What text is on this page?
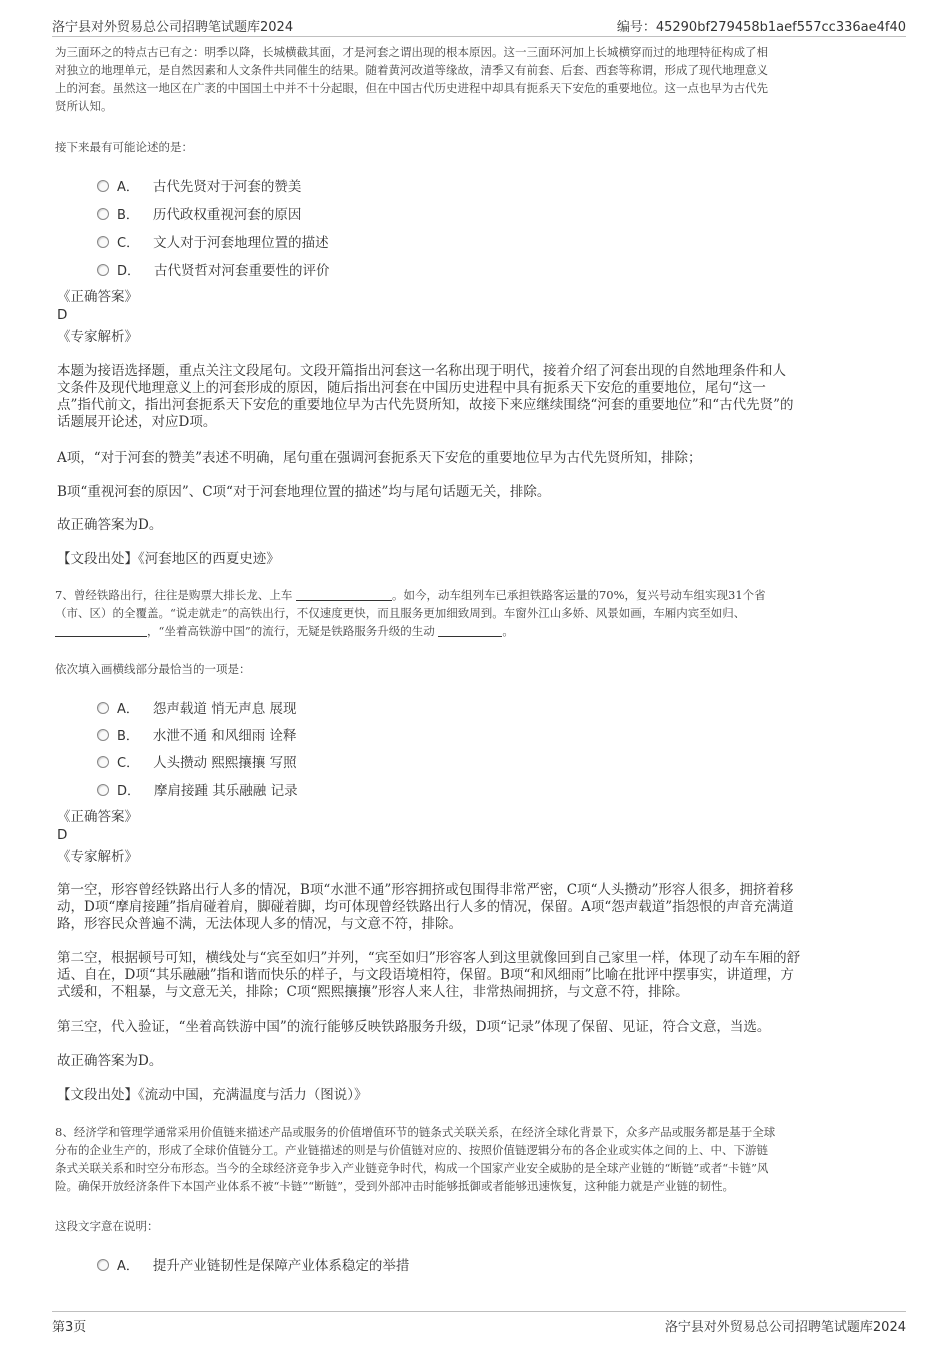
洛宁县对外贸易总公司招聘笔试题库2024	编号：45290bf279458b1aef557cc336ae4f40

为三面环之的特点古已有之：明季以降，长城横截其面，才是河套之谓出现的根本原因。这一三面环河加上长城横穿而过的地理特征构成了相

对独立的地理单元，是自然因素和人文条件共同催生的结果。随着黄河改道等缘故，清季又有前套、后套、西套等称谓，形成了现代地理意义

上的河套。虽然这一地区在广袤的中国国土中并不十分起眼，但在中国古代历史进程中却具有扼系天下安危的重要地位。这一点也早为古代先

贤所认知。

接下来最有可能论述的是：

A． 古代先贤对于河套的赞美
B． 历代政权重视河套的原因
C． 文人对于河套地理位置的描述
D． 古代贤哲对河套重要性的评价

《正确答案》

D

《专家解析》

本题为接语选择题，重点关注文段尾句。文段开篇指出河套这一名称出现于明代，接着介绍了河套出现的自然地理条件和人

文条件及现代地理意义上的河套形成的原因，随后指出河套在中国历史进程中具有扼系天下安危的重要地位，尾句“这一

点”指代前文，指出河套扼系天下安危的重要地位早为古代先贤所知，故接下来应继续围绕“河套的重要地位”和“古代先贤”的

话题展开论述，对应D项。

A项，“对于河套的赞美”表述不明确，尾句重在强调河套扼系天下安危的重要地位早为古代先贤所知，排除；

B项“重视河套的原因”、C项“对于河套地理位置的描述”均与尾句话题无关，排除。

故正确答案为D。

【文段出处】《河套地区的西夏史迹》

7、曾经铁路出行，往往是购票大排长龙、上车	。如今，动车组列车已承担铁路客运量的70%，复兴号动车组实现31个省

（市、区）的全覆盖。“说走就走”的高铁出行，不仅速度更快，而且服务更加细致周到。车窗外江山多娇、风景如画，车厢内宾至如归、

，“坐着高铁游中国”的流行，无疑是铁路服务升级的生动	。

依次填入画横线部分最恰当的一项是：

A． 怨声载道 悄无声息 展现
B． 水泄不通 和风细雨 诠释
C． 人头攒动 熙熙攘攘 写照
D． 摩肩接踵 其乐融融 记录

《正确答案》

D

《专家解析》

第一空，形容曾经铁路出行人多的情况，B项“水泄不通”形容拥挤或包围得非常严密，C项“人头攒动”形容人很多，拥挤着移

动，D项“摩肩接踵”指肩碰着肩，脚碰着脚，均可体现曾经铁路出行人多的情况，保留。A项“怨声载道”指怨恨的声音充满道

路，形容民众普遍不满，无法体现人多的情况，与文意不符，排除。

第二空，根据顿号可知，横线处与“宾至如归”并列，“宾至如归”形容客人到这里就像回到自己家里一样，体现了动车车厢的舒

适、自在，D项“其乐融融”指和谐而快乐的样子，与文段语境相符，保留。B项“和风细雨”比喻在批评中摆事实，讲道理，方

式缓和，不粗暴，与文意无关，排除；C项“熙熙攘攘”形容人来人往，非常热闹拥挤，与文意不符，排除。

第三空，代入验证，“坐着高铁游中国”的流行能够反映铁路服务升级，D项“记录”体现了保留、见证，符合文意，当选。

故正确答案为D。

【文段出处】《流动中国，充满温度与活力（图说）》

8、经济学和管理学通常采用价值链来描述产品或服务的价值增值环节的链条式关联关系，在经济全球化背景下，众多产品或服务都是基于全球

分布的企业生产的，形成了全球价值链分工。产业链描述的则是与价值链对应的、按照价值链逻辑分布的各企业或实体之间的上、中、下游链

条式关联关系和时空分布形态。当今的全球经济竞争步入产业链竞争时代，构成一个国家产业安全威胁的是全球产业链的“断链”或者“卡链”风

险。确保开放经济条件下本国产业体系不被“卡链”“断链”，受到外部冲击时能够抵御或者能够迅速恢复，这种能力就是产业链的韧性。

这段文字意在说明：

A． 提升产业链韧性是保障产业体系稳定的举措
第3页	洛宁县对外贸易总公司招聘笔试题库2024
